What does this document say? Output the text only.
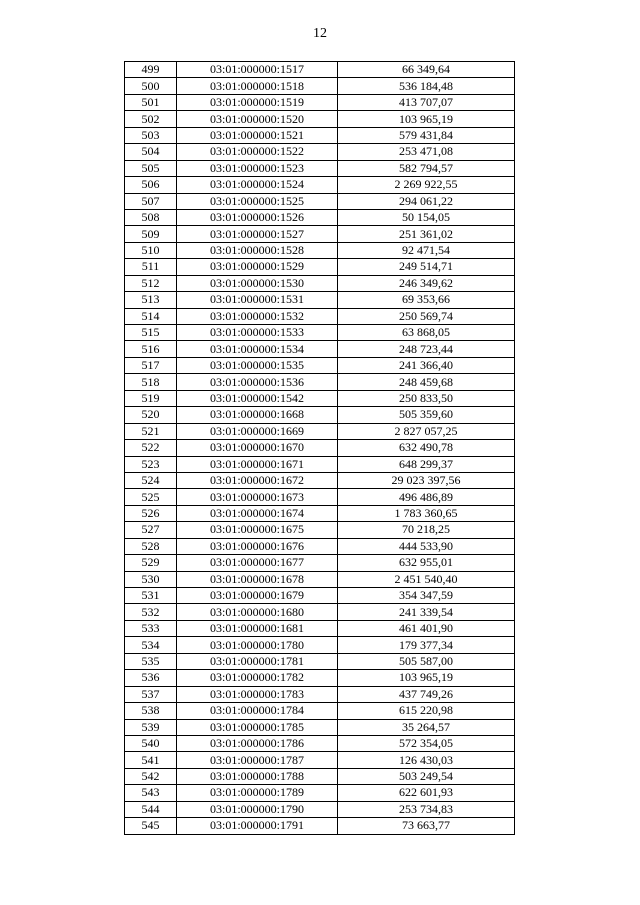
12
499	03:01:000000:1517	66 349,64
500	03:01:000000:1518	536 184,48
501	03:01:000000:1519	413 707,07
502	03:01:000000:1520	103 965,19
503	03:01:000000:1521	579 431,84
504	03:01:000000:1522	253 471,08
505	03:01:000000:1523	582 794,57
506	03:01:000000:1524	2 269 922,55
507	03:01:000000:1525	294 061,22
508	03:01:000000:1526	50 154,05
509	03:01:000000:1527	251 361,02
510	03:01:000000:1528	92 471,54
511	03:01:000000:1529	249 514,71
512	03:01:000000:1530	246 349,62
513	03:01:000000:1531	69 353,66
514	03:01:000000:1532	250 569,74
515	03:01:000000:1533	63 868,05
516	03:01:000000:1534	248 723,44
517	03:01:000000:1535	241 366,40
518	03:01:000000:1536	248 459,68
519	03:01:000000:1542	250 833,50
520	03:01:000000:1668	505 359,60
521	03:01:000000:1669	2 827 057,25
522	03:01:000000:1670	632 490,78
523	03:01:000000:1671	648 299,37
524	03:01:000000:1672	29 023 397,56
525	03:01:000000:1673	496 486,89
526	03:01:000000:1674	1 783 360,65
527	03:01:000000:1675	70 218,25
528	03:01:000000:1676	444 533,90
529	03:01:000000:1677	632 955,01
530	03:01:000000:1678	2 451 540,40
531	03:01:000000:1679	354 347,59
532	03:01:000000:1680	241 339,54
533	03:01:000000:1681	461 401,90
534	03:01:000000:1780	179 377,34
535	03:01:000000:1781	505 587,00
536	03:01:000000:1782	103 965,19
537	03:01:000000:1783	437 749,26
538	03:01:000000:1784	615 220,98
539	03:01:000000:1785	35 264,57
540	03:01:000000:1786	572 354,05
541	03:01:000000:1787	126 430,03
542	03:01:000000:1788	503 249,54
543	03:01:000000:1789	622 601,93
544	03:01:000000:1790	253 734,83
545	03:01:000000:1791	73 663,77
